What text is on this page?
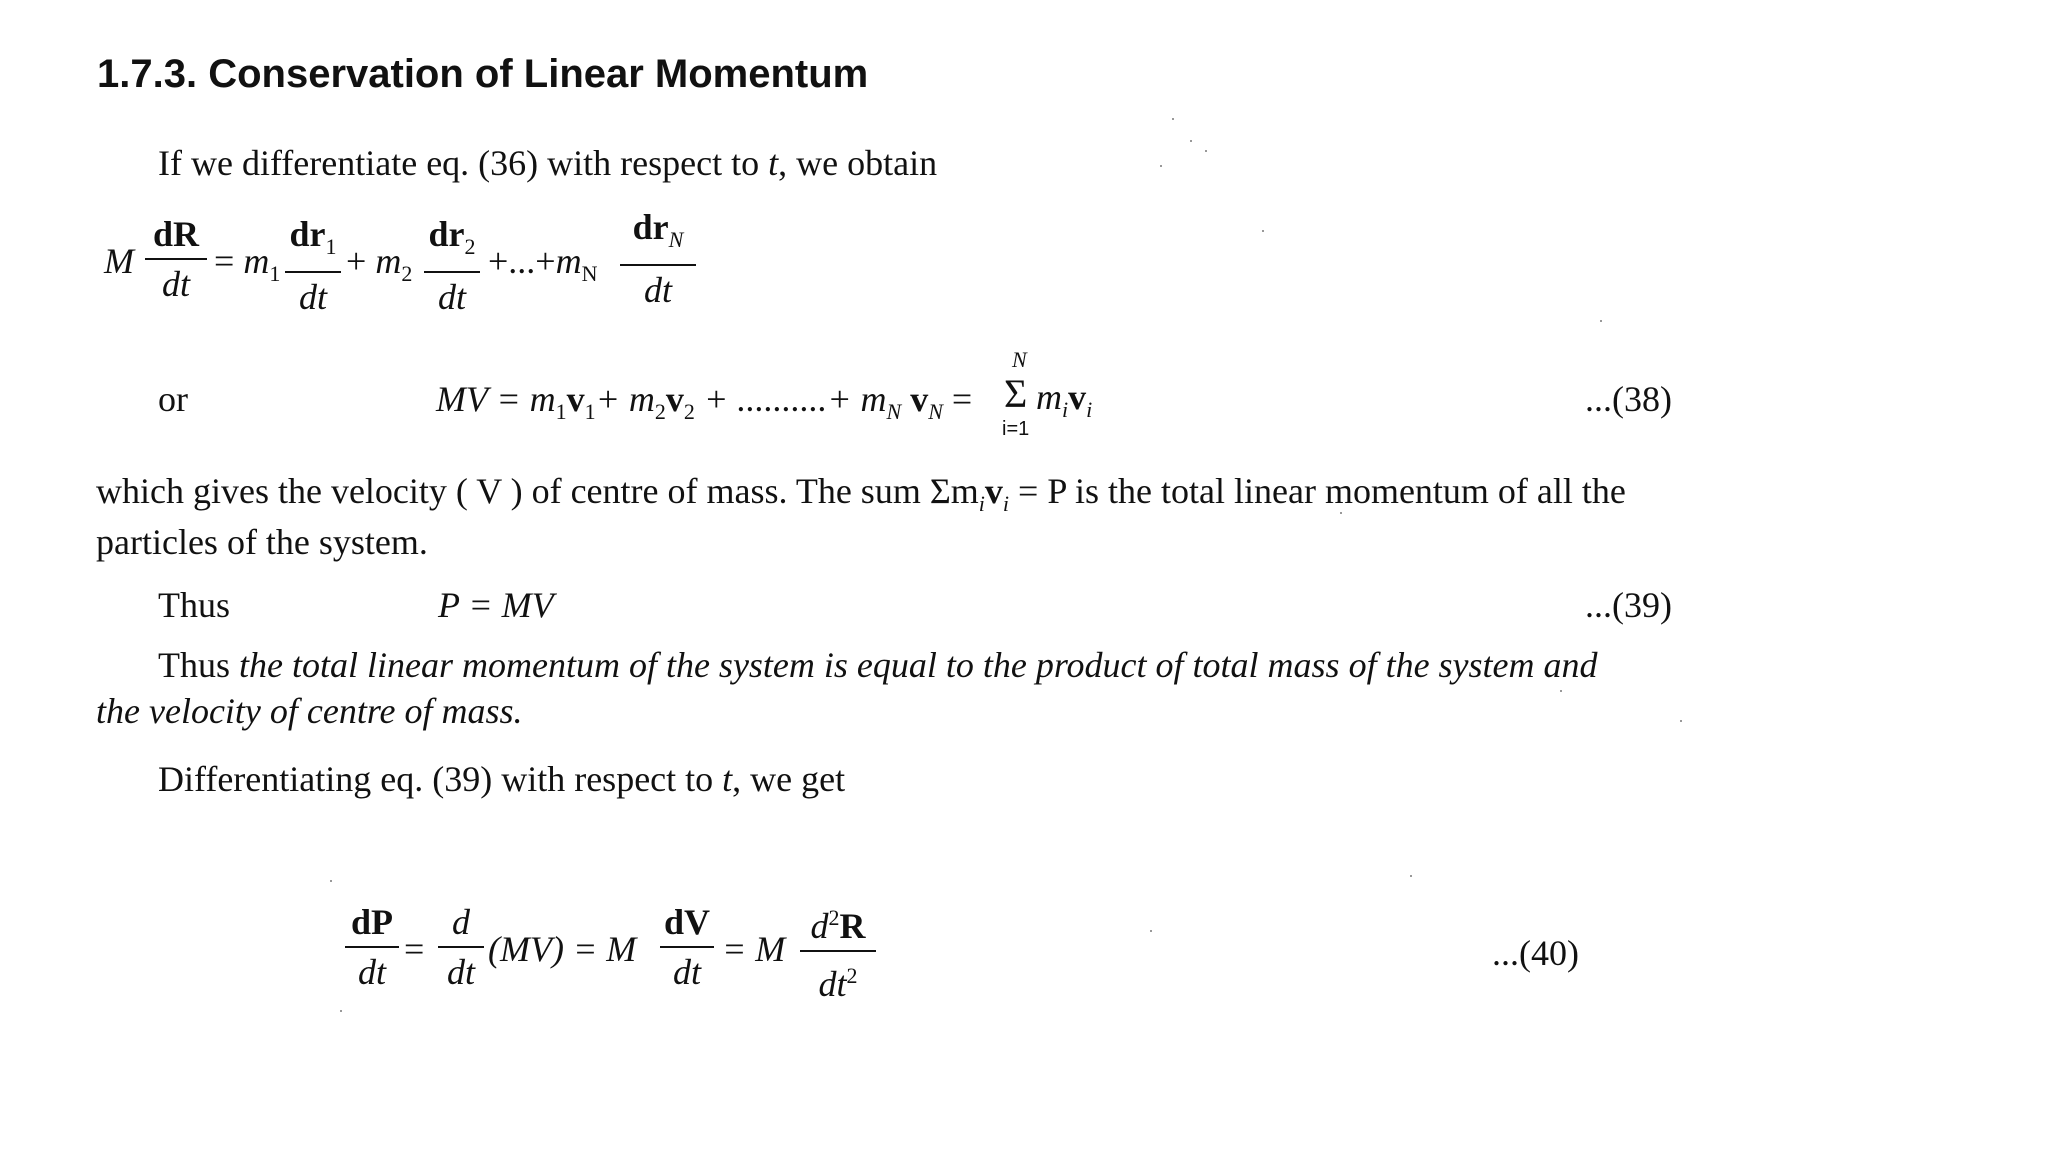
1.7.3. Conservation of Linear Momentum
If we differentiate eq. (36) with respect to t, we obtain
M
dR
dt
= $m_1$
$dr_1$
dt
+ $m_2$
$dr_2$
dt
$+...+m_N$
$dr_N$
dt
or	MV = $m_1v_1+ m_2v_2$ + ..........+ $m_N$ $v_N$ =
N
Σ
i=1
$m_iv_i$	...(38)
which gives the velocity ( V ) of centre of mass. The sum $\Sigma m_iv_i = P$ is the total linear momentum of all the
particles of the system.
Thus	P = MV	...(39)
Thus the total linear momentum of the system is equal to the product of total mass of the system and
the velocity of centre of mass.
Differentiating eq. (39) with respect to t, we get
dP
dt
=
d
dt
(MV) = M
dV
dt
= M
$d^2R$
$dt^2$
...(40)
